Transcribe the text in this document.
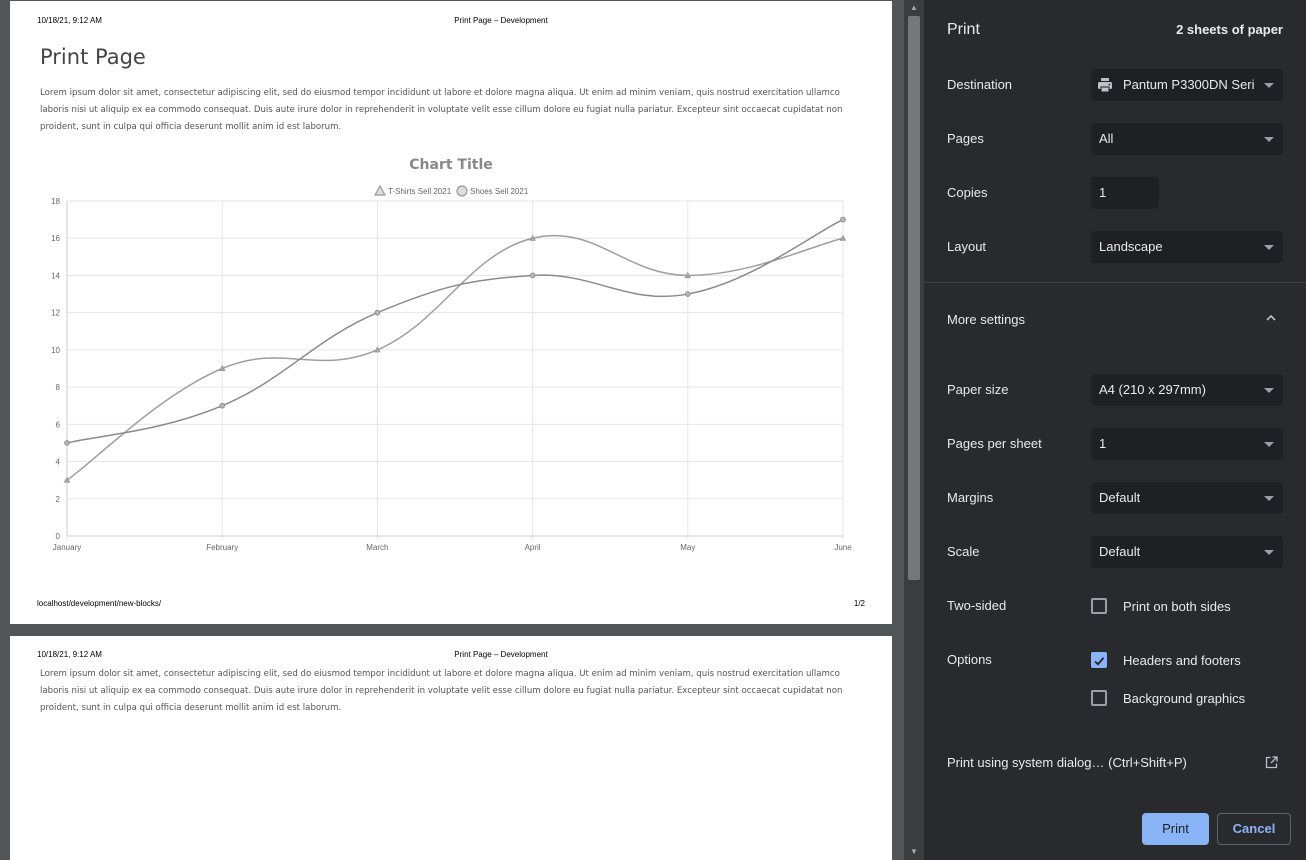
10/18/21, 9:12 AM	Print Page – Development
Print Page
Lorem ipsum dolor sit amet, consectetur adipiscing elit, sed do eiusmod tempor incididunt ut labore et dolore magna aliqua. Ut enim ad minim veniam, quis nostrud exercitation ullamco laboris nisi ut aliquip ex ea commodo consequat. Duis aute irure dolor in reprehenderit in voluptate velit esse cillum dolore eu fugiat nulla pariatur. Excepteur sint occaecat cupidatat non proident, sunt in culpa qui officia deserunt mollit anim id est laborum.
Chart Title
T-Shirts Sell 2021 Shoes Sell 2021
0
2
4
6
8
10
12
14
16
18
January	February	March	April	May	June
localhost/development/new-blocks/	1/2
10/18/21, 9:12 AM	Print Page – Development
Lorem ipsum dolor sit amet, consectetur adipiscing elit, sed do eiusmod tempor incididunt ut labore et dolore magna aliqua. Ut enim ad minim veniam, quis nostrud exercitation ullamco laboris nisi ut aliquip ex ea commodo consequat. Duis aute irure dolor in reprehenderit in voluptate velit esse cillum dolore eu fugiat nulla pariatur. Excepteur sint occaecat cupidatat non proident, sunt in culpa qui officia deserunt mollit anim id est laborum.
▲
▼
Print	2 sheets of paper
Destination	Pantum P3300DN Seri
Pages	All
Copies	1
Layout	Landscape
More settings
Paper size	A4 (210 x 297mm)
Pages per sheet	1
Margins	Default
Scale	Default
Two-sided	Print on both sides
Options	Headers and footers
Background graphics
Print using system dialog… (Ctrl+Shift+P)
Print	Cancel
